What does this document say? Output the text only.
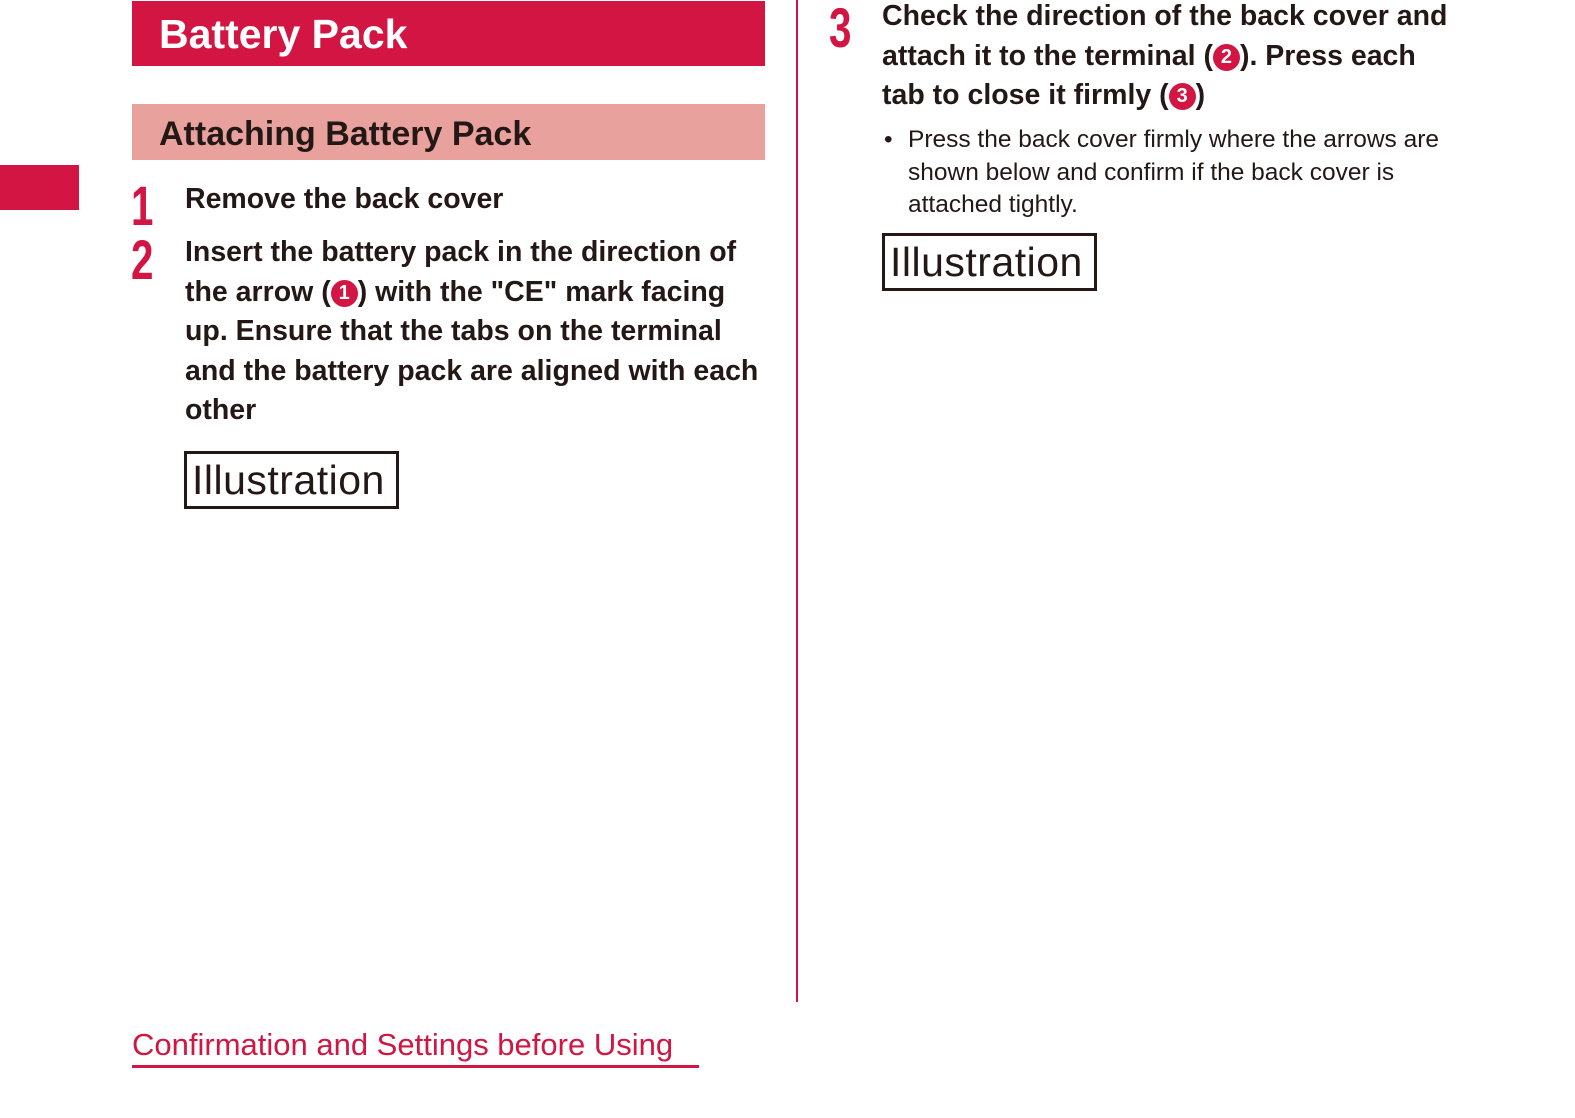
Battery Pack
Attaching Battery Pack
1 Remove the back cover

2 Insert the battery pack in the direction of the arrow ( 1 ) with the "CE" mark facing up. Ensure that the tabs on the terminal and the battery pack are aligned with each other

Illustration
3 Check the direction of the back cover and attach it to the terminal ( 2 ). Press each tab to close it firmly ( 3 )

• Press the back cover firmly where the arrows are shown below and confirm if the back cover is attached tightly.

Illustration
Confirmation and Settings before Using
